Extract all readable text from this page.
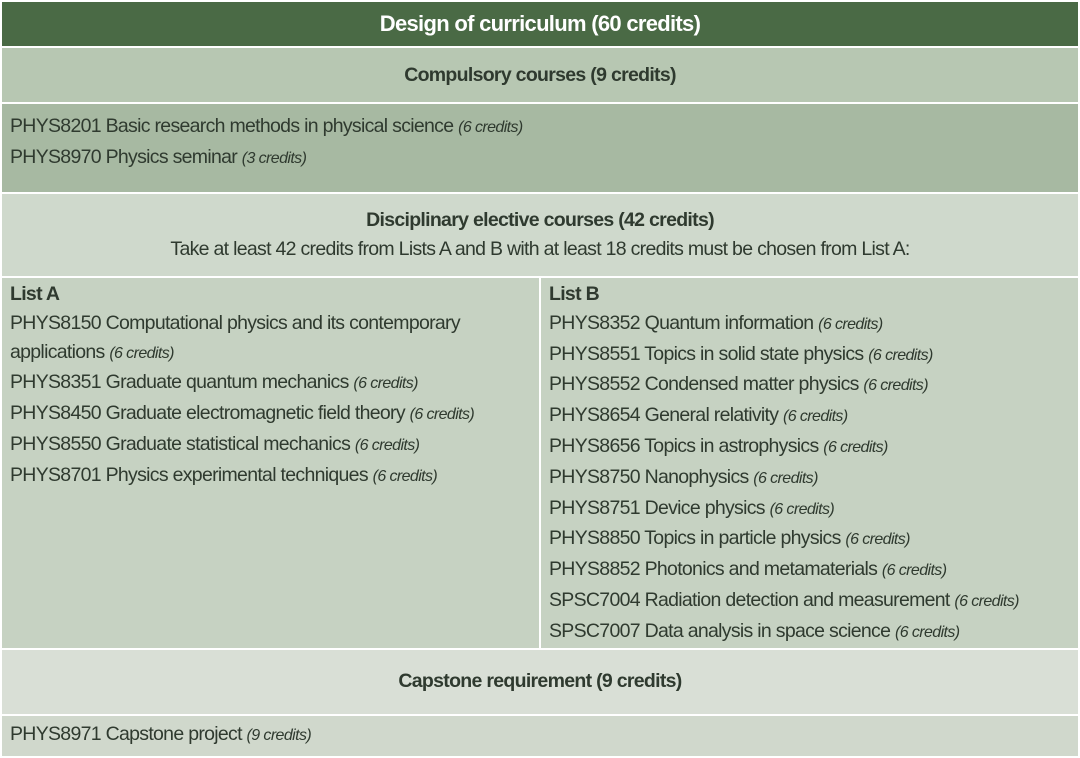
Design of curriculum (60 credits)
Compulsory courses (9 credits)

PHYS8201 Basic research methods in physical science (6 credits)
PHYS8970 Physics seminar (3 credits)

Disciplinary elective courses (42 credits)
Take at least 42 credits from Lists A and B with at least 18 credits must be chosen from List A:

List A
PHYS8150 Computational physics and its contemporary applications (6 credits)
PHYS8351 Graduate quantum mechanics (6 credits)
PHYS8450 Graduate electromagnetic field theory (6 credits)
PHYS8550 Graduate statistical mechanics (6 credits)
PHYS8701 Physics experimental techniques (6 credits)

List B
PHYS8352 Quantum information (6 credits)
PHYS8551 Topics in solid state physics (6 credits)
PHYS8552 Condensed matter physics (6 credits)
PHYS8654 General relativity (6 credits)
PHYS8656 Topics in astrophysics (6 credits)
PHYS8750 Nanophysics (6 credits)
PHYS8751 Device physics (6 credits)
PHYS8850 Topics in particle physics (6 credits)
PHYS8852 Photonics and metamaterials (6 credits)
SPSC7004 Radiation detection and measurement (6 credits)
SPSC7007 Data analysis in space science (6 credits)

Capstone requirement (9 credits)

PHYS8971 Capstone project (9 credits)
